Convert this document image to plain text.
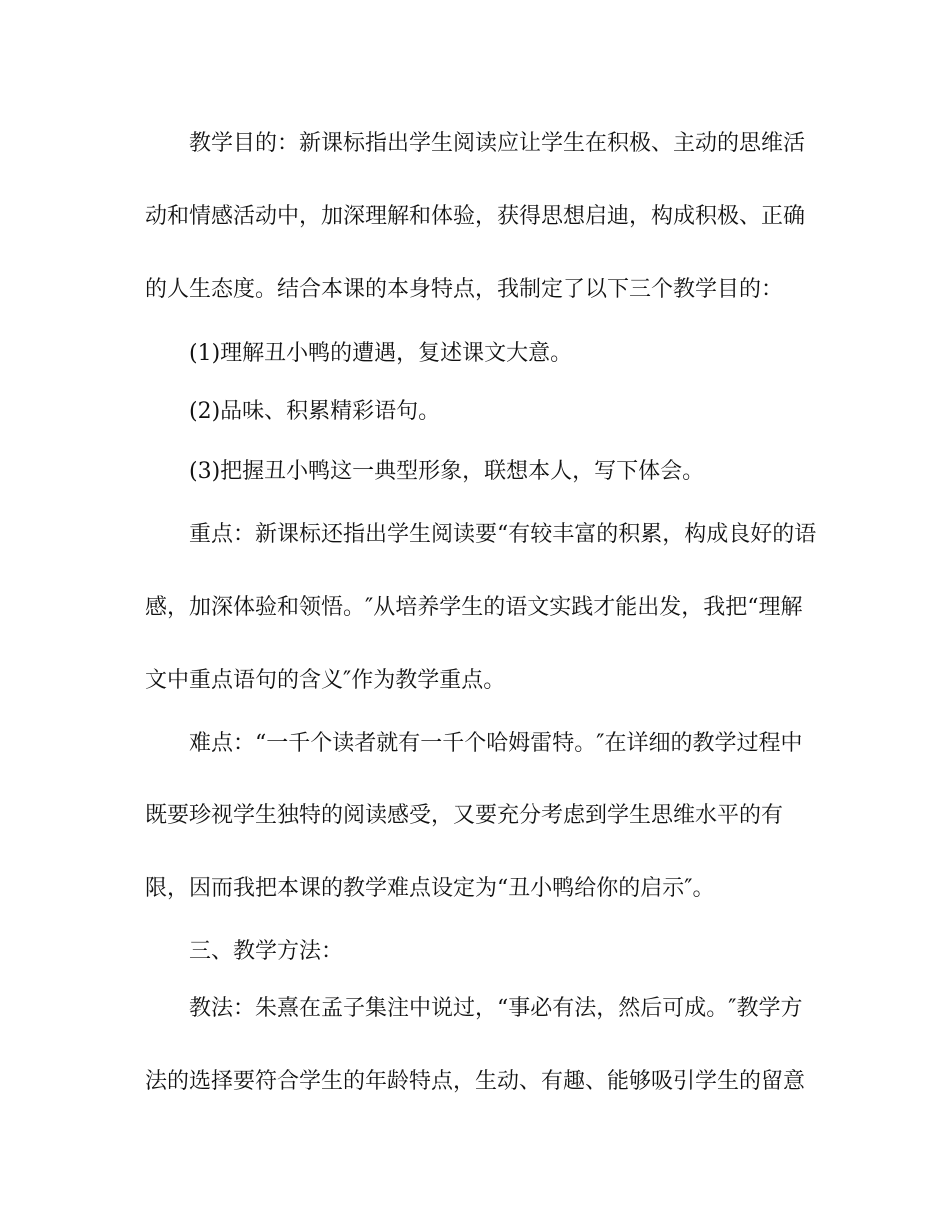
教学目的：新课标指出学生阅读应让学生在积极、主动的思维活
动和情感活动中，加深理解和体验，获得思想启迪，构成积极、正确
的人生态度。结合本课的本身特点，我制定了以下三个教学目的：
(1)理解丑小鸭的遭遇，复述课文大意。
(2)品味、积累精彩语句。
(3)把握丑小鸭这一典型形象，联想本人，写下体会。
重点：新课标还指出学生阅读要“有较丰富的积累，构成良好的语
感，加深体验和领悟。″从培养学生的语文实践才能出发，我把“理解
文中重点语句的含义″作为教学重点。
难点：“一千个读者就有一千个哈姆雷特。″在详细的教学过程中
既要珍视学生独特的阅读感受，又要充分考虑到学生思维水平的有
限，因而我把本课的教学难点设定为“丑小鸭给你的启示″。
三、教学方法：
教法：朱熹在孟子集注中说过，“事必有法，然后可成。″教学方
法的选择要符合学生的年龄特点，生动、有趣、能够吸引学生的留意
